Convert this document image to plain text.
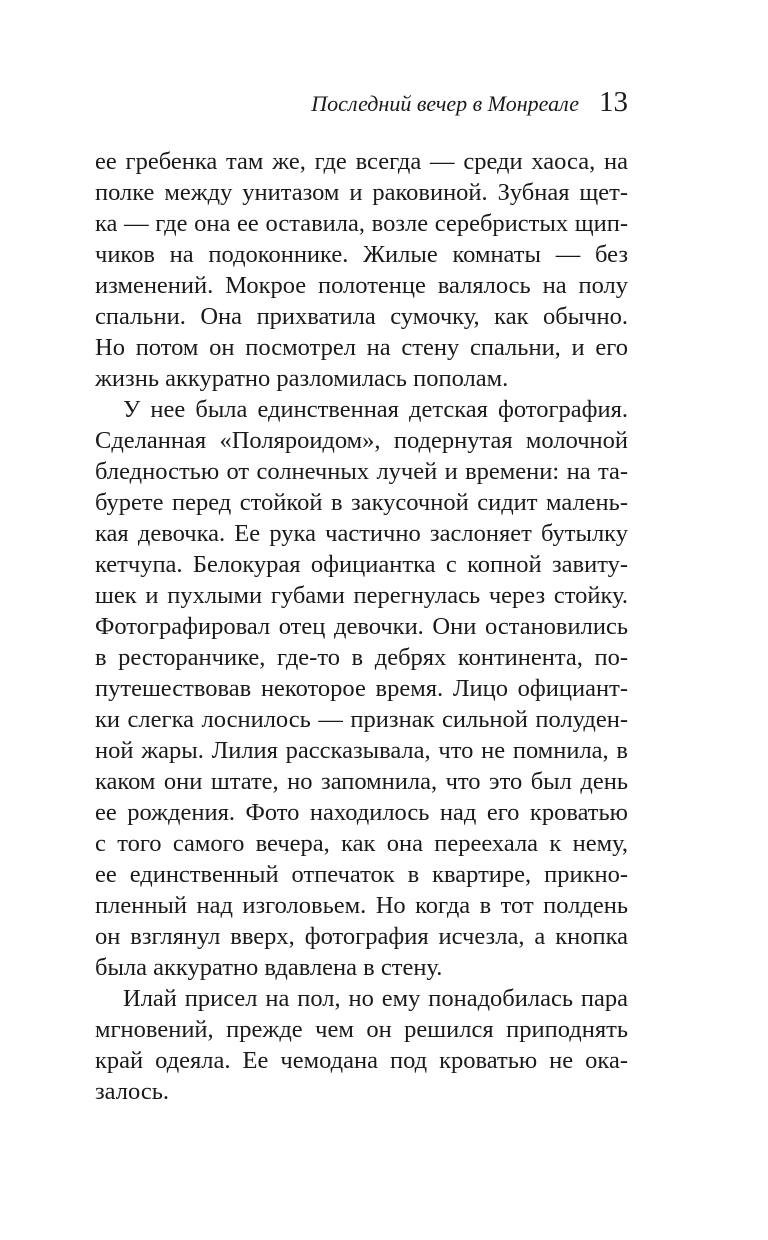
Последний вечер в Монреале 13
ее гребенка там же, где всегда — среди хаоса, на
полке между унитазом и раковиной. Зубная щет-
ка — где она ее оставила, возле серебристых щип-
чиков на подоконнике. Жилые комнаты — без
изменений. Мокрое полотенце валялось на полу
спальни. Она прихватила сумочку, как обычно.
Но потом он посмотрел на стену спальни, и его
жизнь аккуратно разломилась пополам.
У нее была единственная детская фотография.
Сделанная «Поляроидом», подернутая молочной
бледностью от солнечных лучей и времени: на та-
бурете перед стойкой в закусочной сидит малень-
кая девочка. Ее рука частично заслоняет бутылку
кетчупа. Белокурая официантка с копной завиту-
шек и пухлыми губами перегнулась через стойку.
Фотографировал отец девочки. Они остановились
в ресторанчике, где-то в дебрях континента, по-
путешествовав некоторое время. Лицо официант-
ки слегка лоснилось — признак сильной полуден-
ной жары. Лилия рассказывала, что не помнила, в
каком они штате, но запомнила, что это был день
ее рождения. Фото находилось над его кроватью
с того самого вечера, как она переехала к нему,
ее единственный отпечаток в квартире, прикно-
пленный над изголовьем. Но когда в тот полдень
он взглянул вверх, фотография исчезла, а кнопка
была аккуратно вдавлена в стену.
Илай присел на пол, но ему понадобилась пара
мгновений, прежде чем он решился приподнять
край одеяла. Ее чемодана под кроватью не ока-
залось.
